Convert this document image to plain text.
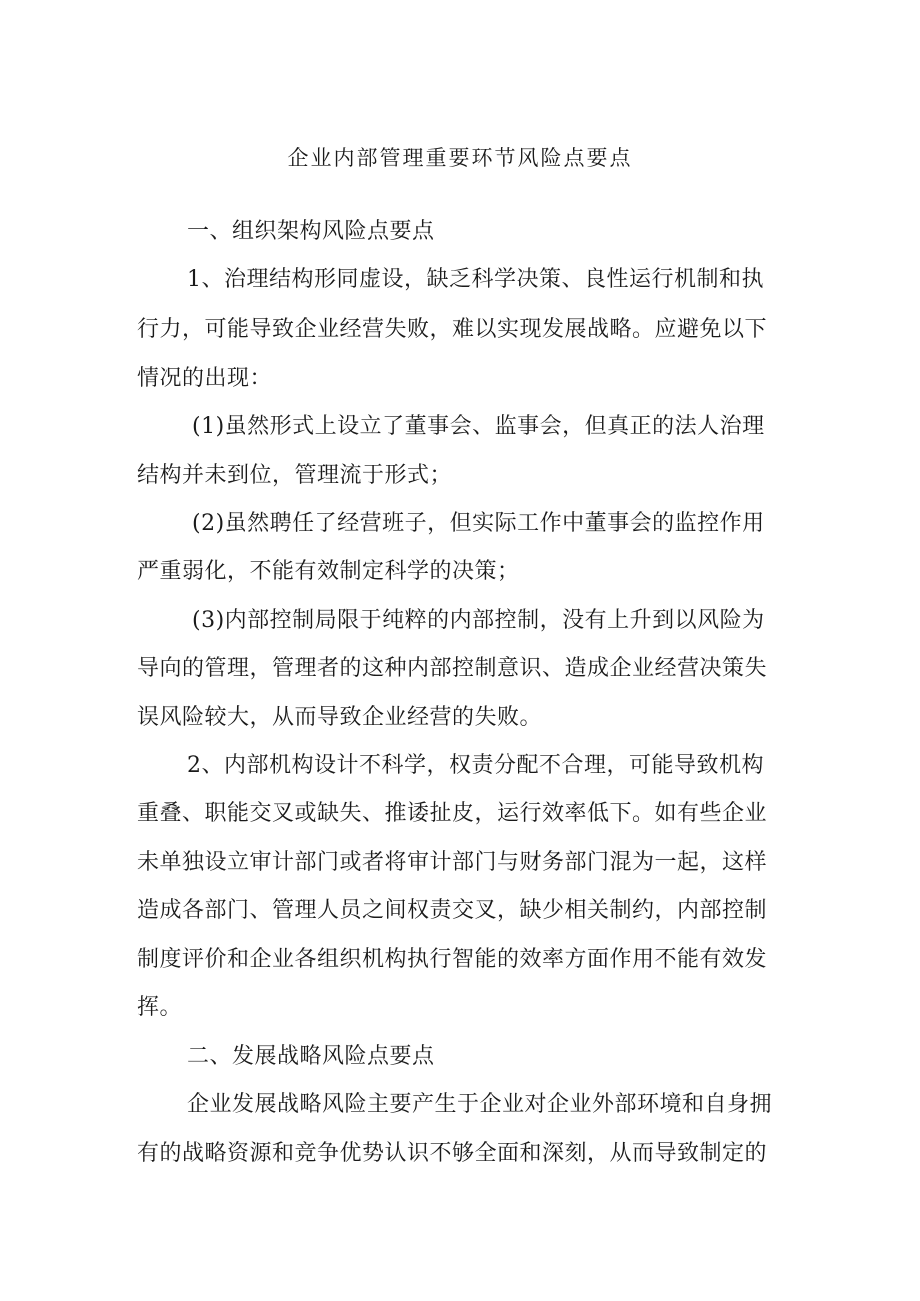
企业内部管理重要环节风险点要点
一、组织架构风险点要点
1、治理结构形同虚设，缺乏科学决策、良性运行机制和执
行力，可能导致企业经营失败，难以实现发展战略。应避免以下
情况的出现：
(1)虽然形式上设立了董事会、监事会，但真正的法人治理
结构并未到位，管理流于形式；
(2)虽然聘任了经营班子，但实际工作中董事会的监控作用
严重弱化，不能有效制定科学的决策；
(3)内部控制局限于纯粹的内部控制，没有上升到以风险为
导向的管理，管理者的这种内部控制意识、造成企业经营决策失
误风险较大，从而导致企业经营的失败。
2、内部机构设计不科学，权责分配不合理，可能导致机构
重叠、职能交叉或缺失、推诿扯皮，运行效率低下。如有些企业
未单独设立审计部门或者将审计部门与财务部门混为一起，这样
造成各部门、管理人员之间权责交叉，缺少相关制约，内部控制
制度评价和企业各组织机构执行智能的效率方面作用不能有效发
挥。
二、发展战略风险点要点
企业发展战略风险主要产生于企业对企业外部环境和自身拥
有的战略资源和竞争优势认识不够全面和深刻，从而导致制定的
